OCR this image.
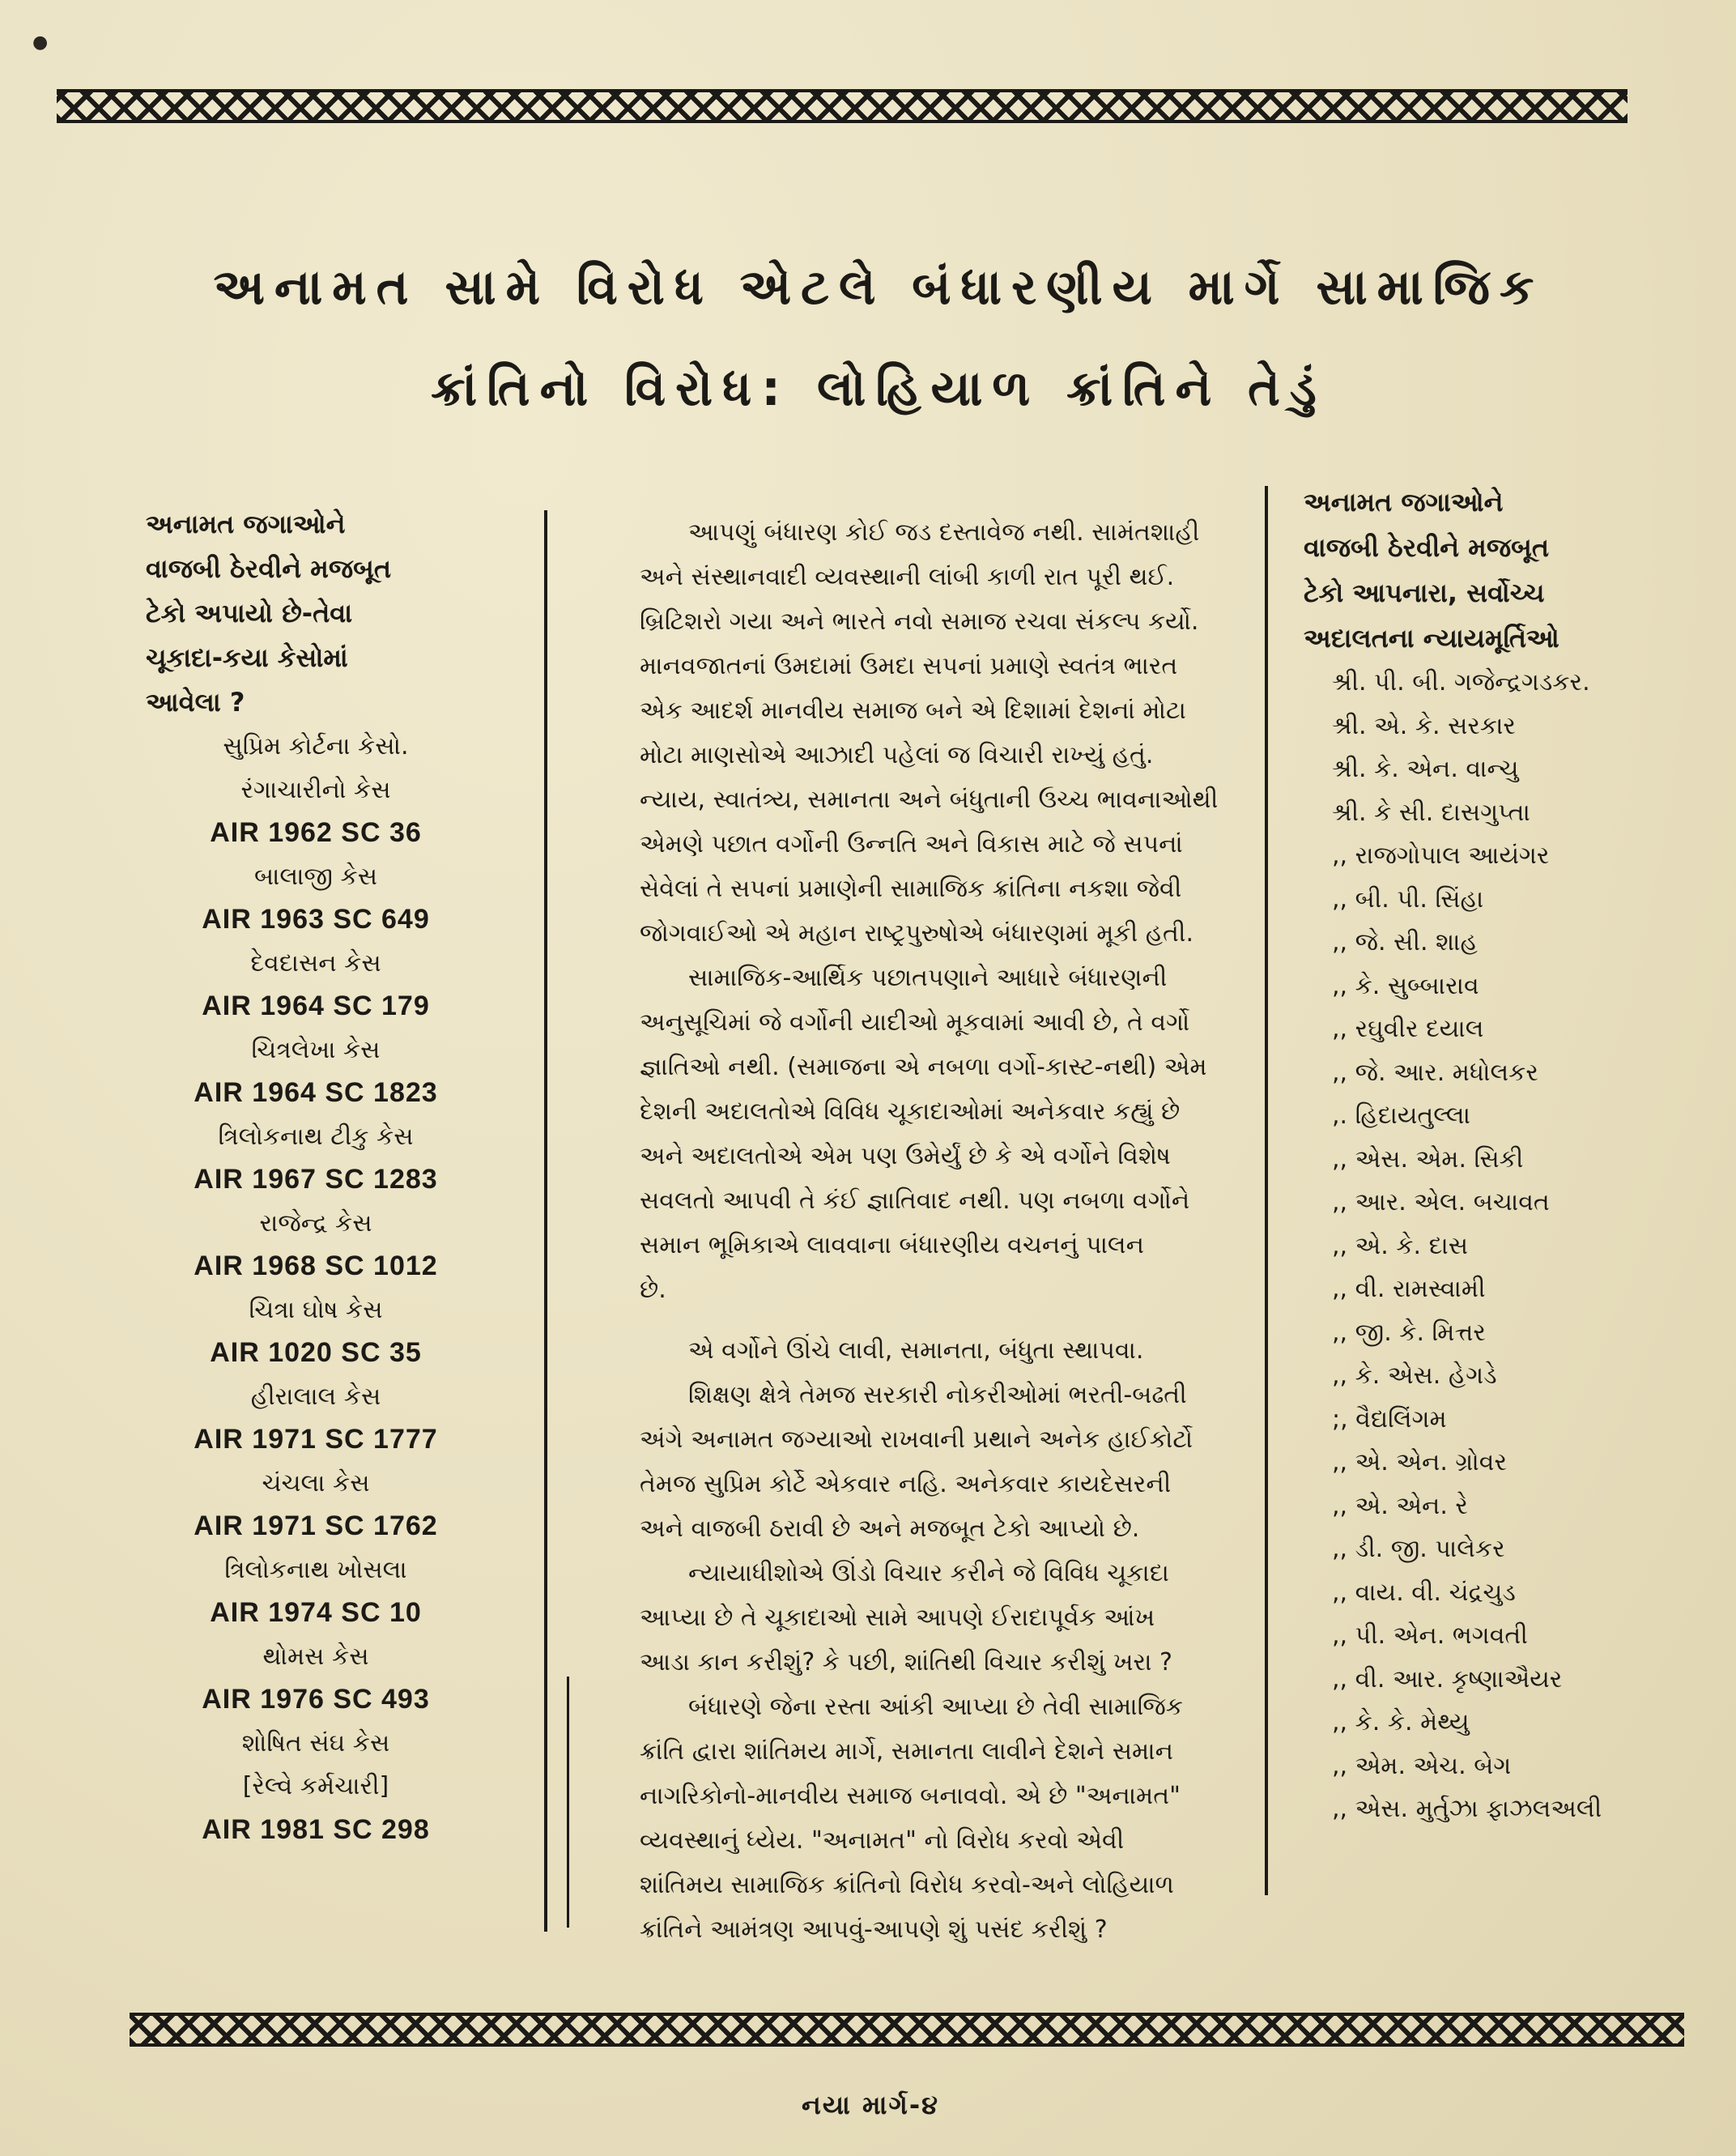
અનામત સામે વિરોધ એટલે બંધારણીય માર્ગે સામાજિક
ક્રાંતિનો વિરોધ: લોહિયાળ ક્રાંતિને તેડું
અનામત જગાઓને
વાજબી ઠેરવીને મજબૂત
ટેકો અપાયો છે-તેવા
ચૂકાદા-કયા કેસોમાં
આવેલા ?
સુપ્રિમ કોર્ટના કેસો.
રંગાચારીનો કેસ
AIR 1962 SC 36
બાલાજી કેસ
AIR 1963 SC 649
દેવદાસન કેસ
AIR 1964 SC 179
ચિત્રલેખા કેસ
AIR 1964 SC 1823
ત્રિલોકનાથ ટીકુ કેસ
AIR 1967 SC 1283
રાજેન્દ્ર કેસ
AIR 1968 SC 1012
ચિત્રા ઘોષ કેસ
AIR 1020 SC 35
હીરાલાલ કેસ
AIR 1971 SC 1777
ચંચલા કેસ
AIR 1971 SC 1762
ત્રિલોકનાથ ખોસલા
AIR 1974 SC 10
થોમસ કેસ
AIR 1976 SC 493
શોષિત સંઘ કેસ
[રેલ્વે કર્મચારી]
AIR 1981 SC 298

આપણું બંધારણ કોઈ જડ દસ્તાવેજ નથી. સામંતશાહી
અને સંસ્થાનવાદી વ્યવસ્થાની લાંબી કાળી રાત પૂરી થઈ.
બ્રિટિશરો ગયા અને ભારતે નવો સમાજ રચવા સંકલ્પ કર્યો.
માનવજાતનાં ઉમદામાં ઉમદા સપનાં પ્રમાણે સ્વતંત્ર ભારત
એક આદર્શ માનવીય સમાજ બને એ દિશામાં દેશનાં મોટા
મોટા માણસોએ આઝાદી પહેલાં જ વિચારી રાખ્યું હતું.
ન્યાય, સ્વાતંત્ર્ય, સમાનતા અને બંધુતાની ઉચ્ચ ભાવનાઓથી
એમણે પછાત વર્ગોની ઉન્નતિ અને વિકાસ માટે જે સપનાં
સેવેલાં તે સપનાં પ્રમાણેની સામાજિક ક્રાંતિના નકશા જેવી
જોગવાઈઓ એ મહાન રાષ્ટ્રપુરુષોએ બંધારણમાં મૂકી હતી.

સામાજિક-આર્થિક પછાતપણાને આધારે બંધારણની
અનુસૂચિમાં જે વર્ગોની યાદીઓ મૂકવામાં આવી છે, તે વર્ગો
જ્ઞાતિઓ નથી. (સમાજના એ નબળા વર્ગો-કાસ્ટ-નથી) એમ
દેશની અદાલતોએ વિવિધ ચૂકાદાઓમાં અનેકવાર કહ્યું છે
અને અદાલતોએ એમ પણ ઉમેર્યું છે કે એ વર્ગોને વિશેષ
સવલતો આપવી તે કંઈ જ્ઞાતિવાદ નથી. પણ નબળા વર્ગોને
સમાન ભૂમિકાએ લાવવાના બંધારણીય વચનનું પાલન
છે.

એ વર્ગોને ઊંચે લાવી, સમાનતા, બંધુતા સ્થાપવા.

શિક્ષણ ક્ષેત્રે તેમજ સરકારી નોકરીઓમાં ભરતી-બઢતી
અંગે અનામત જગ્યાઓ રાખવાની પ્રથાને અનેક હાઈકોર્ટો
તેમજ સુપ્રિમ કોર્ટે એકવાર નહિ. અનેકવાર કાયદેસરની
અને વાજબી ઠરાવી છે અને મજબૂત ટેકો આપ્યો છે.

ન્યાયાધીશોએ ઊંડો વિચાર કરીને જે વિવિધ ચૂકાદા
આપ્યા છે તે ચૂકાદાઓ સામે આપણે ઈરાદાપૂર્વક આંખ
આડા કાન કરીશું? કે પછી, શાંતિથી વિચાર કરીશું ખરા ?

બંધારણે જેના રસ્તા આંકી આપ્યા છે તેવી સામાજિક
ક્રાંતિ દ્વારા શાંતિમય માર્ગે, સમાનતા લાવીને દેશને સમાન
નાગરિકોનો-માનવીય સમાજ બનાવવો. એ છે "અનામત"
વ્યવસ્થાનું ધ્યેય. "અનામત" નો વિરોધ કરવો એવી
શાંતિમય સામાજિક ક્રાંતિનો વિરોધ કરવો-અને લોહિયાળ
ક્રાંતિને આમંત્રણ આપવું-આપણે શું પસંદ કરીશું ?

અનામત જગાઓને
વાજબી ઠેરવીને મજબૂત
ટેકો આપનારા, સર્વોચ્ચ
અદાલતના ન્યાયમૂર્તિઓ
શ્રી. પી. બી. ગજેન્દ્રગડકર.
શ્રી. એ. કે. સરકાર
શ્રી. કે. એન. વાન્ચુ
શ્રી. કે સી. દાસગુપ્તા
,, રાજગોપાલ આયંગર
,, બી. પી. સિંહા
,, જે. સી. શાહ
,, કે. સુબ્બારાવ
,, રઘુવીર દયાલ
,, જે. આર. મધોલકર
,. હિદાયતુલ્લા
,, એસ. એમ. સિકી
,, આર. એલ. બચાવત
,, એ. કે. દાસ
,, વી. રામસ્વામી
,, જી. કે. મિત્તર
,, કે. એસ. હેગડે
;, વૈદ્યલિંગમ
,, એ. એન. ગ્રોવર
,, એ. એન. રે
,, ડી. જી. પાલેકર
,, વાય. વી. ચંદ્રચુડ
,, પી. એન. ભગવતી
,, વી. આર. કૃષ્ણાઐયર
,, કે. કે. મેથ્યુ
,, એમ. એચ. બેગ
,, એસ. મુર્તુઝા ફાઝલઅલી
નયા માર્ગ-૪
●
